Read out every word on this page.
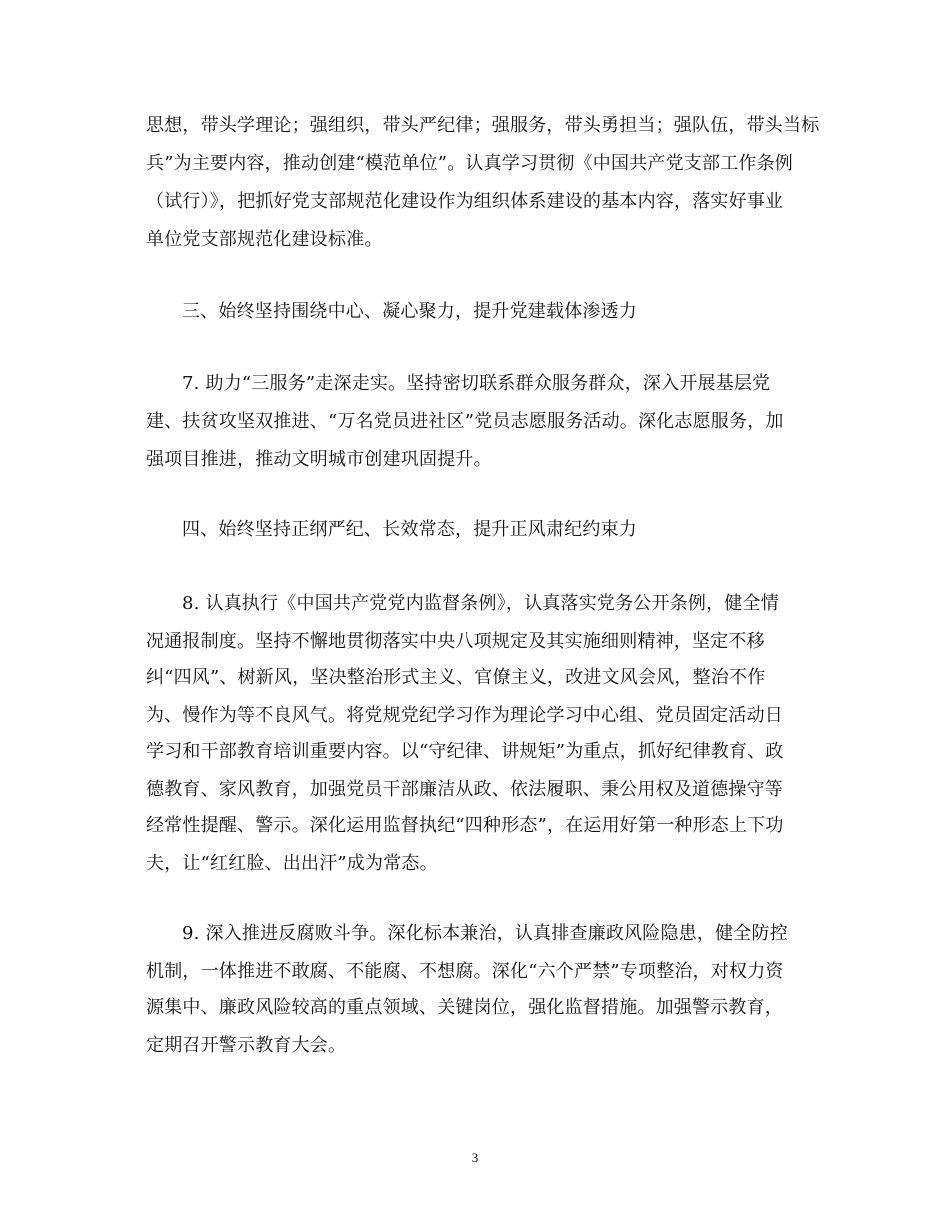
思想，带头学理论；强组织，带头严纪律；强服务，带头勇担当；强队伍，带头当标
兵”为主要内容，推动创建“模范单位”。认真学习贯彻《中国共产党支部工作条例
（试行）》，把抓好党支部规范化建设作为组织体系建设的基本内容，落实好事业
单位党支部规范化建设标准。
三、始终坚持围绕中心、凝心聚力，提升党建载体渗透力
7. 助力“三服务”走深走实。坚持密切联系群众服务群众，深入开展基层党
建、扶贫攻坚双推进、“万名党员进社区”党员志愿服务活动。深化志愿服务，加
强项目推进，推动文明城市创建巩固提升。
四、始终坚持正纲严纪、长效常态，提升正风肃纪约束力
8. 认真执行《中国共产党党内监督条例》，认真落实党务公开条例，健全情
况通报制度。坚持不懈地贯彻落实中央八项规定及其实施细则精神，坚定不移
纠“四风”、树新风，坚决整治形式主义、官僚主义，改进文风会风，整治不作
为、慢作为等不良风气。将党规党纪学习作为理论学习中心组、党员固定活动日
学习和干部教育培训重要内容。以“守纪律、讲规矩”为重点，抓好纪律教育、政
德教育、家风教育，加强党员干部廉洁从政、依法履职、秉公用权及道德操守等
经常性提醒、警示。深化运用监督执纪“四种形态”，在运用好第一种形态上下功
夫，让“红红脸、出出汗”成为常态。
9. 深入推进反腐败斗争。深化标本兼治，认真排查廉政风险隐患，健全防控
机制，一体推进不敢腐、不能腐、不想腐。深化“六个严禁”专项整治，对权力资
源集中、廉政风险较高的重点领域、关键岗位，强化监督措施。加强警示教育，
定期召开警示教育大会。
3
